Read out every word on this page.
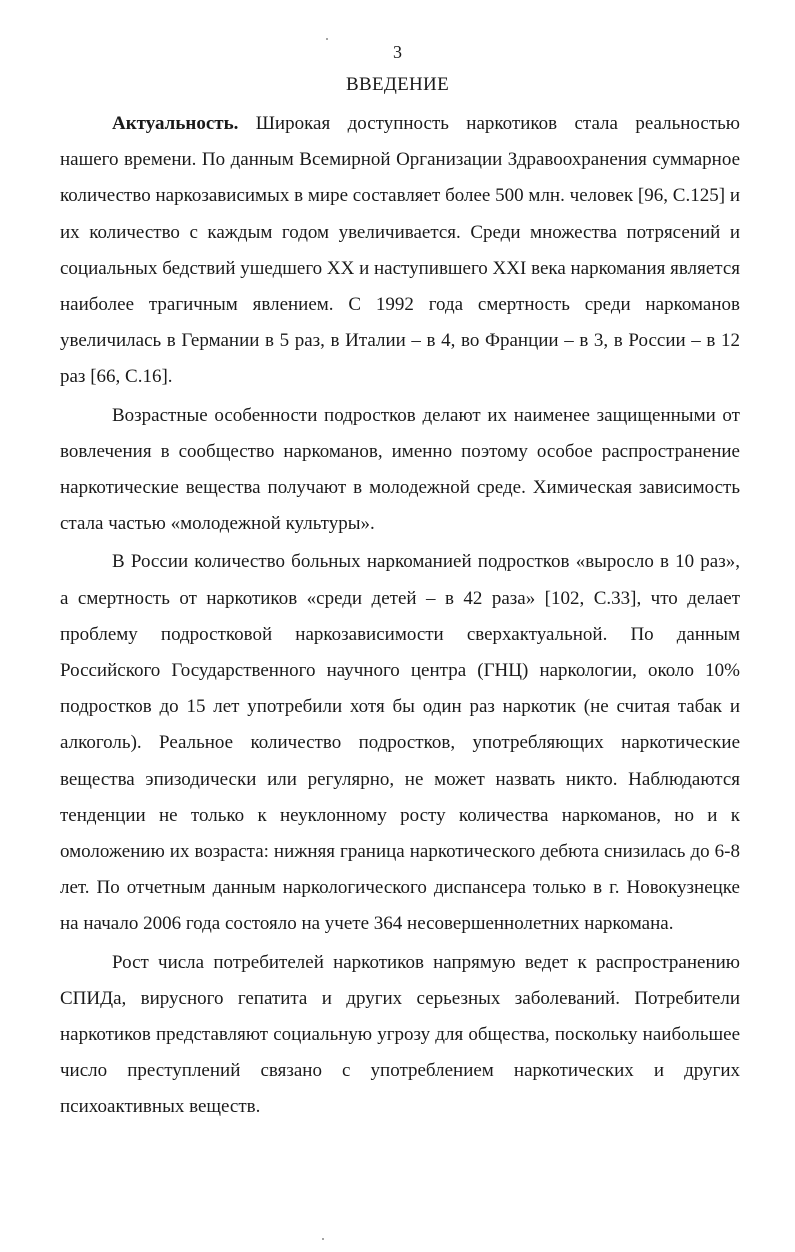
3
ВВЕДЕНИЕ

Актуальность. Широкая доступность наркотиков стала реальностью нашего времени. По данным Всемирной Организации Здравоохранения суммарное количество наркозависимых в мире составляет более 500 млн. человек [96, С.125] и их количество с каждым годом увеличивается. Среди множества потрясений и социальных бедствий ушедшего XX и наступившего XXI века наркомания является наиболее трагичным явлением. С 1992 года смертность среди наркоманов увеличилась в Германии в 5 раз, в Италии – в 4, во Франции – в 3, в России – в 12 раз [66, С.16].

Возрастные особенности подростков делают их наименее защищенными от вовлечения в сообщество наркоманов, именно поэтому особое распространение наркотические вещества получают в молодежной среде. Химическая зависимость стала частью «молодежной культуры».

В России количество больных наркоманией подростков «выросло в 10 раз», а смертность от наркотиков «среди детей – в 42 раза» [102, С.33], что делает проблему подростковой наркозависимости сверхактуальной. По данным Российского Государственного научного центра (ГНЦ) наркологии, около 10% подростков до 15 лет употребили хотя бы один раз наркотик (не считая табак и алкоголь). Реальное количество подростков, употребляющих наркотические вещества эпизодически или регулярно, не может назвать никто. Наблюдаются тенденции не только к неуклонному росту количества наркоманов, но и к омоложению их возраста: нижняя граница наркотического дебюта снизилась до 6-8 лет. По отчетным данным наркологического диспансера только в г. Новокузнецке на начало 2006 года состояло на учете 364 несовершеннолетних наркомана.

Рост числа потребителей наркотиков напрямую ведет к распространению СПИДа, вирусного гепатита и других серьезных заболеваний. Потребители наркотиков представляют социальную угрозу для общества, поскольку наибольшее число преступлений связано с употреблением наркотических и других психоактивных веществ.
